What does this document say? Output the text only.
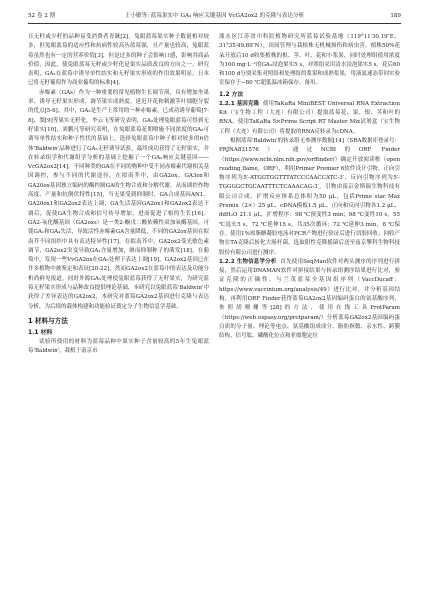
52 卷 2 期	王小敏等: 蓝莓果实中 GA₃ 响应关键基因 VcGA2ox2 的克隆与表达分析	189

且无籽或少籽的品种易受消费者青睐[2]。兔眼蓝莓果实种子数量相对较多，但兔眼蓝莓的适应性和抗病性较高丛蓝莓强，且产量也较高，兔眼蓝莓虽然也有一定的营养价值[3]，但是过多的种子会影响口感，影响其商品价值，因此，使兔眼蓝莓无籽或少籽化是果实品质改良的方向之一。研究表明，GA₃在蓝莓中诱导单性结实和无籽果实形成的作用效果明显，日本已将无籽葡萄作为商业葡萄的标准[4]。

赤霉素（GAs）作为一种重要的常见植物生长调节剂，具有增加坐果率、诱导无籽果实形成、调节果实成熟度、延迟开花和刺激茎叶细胞分裂的优点[5-6]。其中，GA₃是生产上常用的一种赤霉素，已成功诱导葡萄[7-8]、梨[9]等果实无籽化。李云飞等研究表明，GA₃处理兔眼蓝莓可得到无籽果实[10]，刘鹏凡等研究表明，在兔眼蓝莓花期喷施不同浓度的GA₃可诱导单性结实和种子性状的基础上，选择兔眼蓝莓中种子相对较多的6倍体'Baldwin'品种进行了GA₃无籽诱导试验，最终成功获得了无籽果实，并在转录组学和代谢组学分析的基础上挖掘了一个GA₃响应关键基因——VcGA2ox2[14]。不同种类的GA在不同的物种中受不同赤霉素代谢相关基因调控，参与不同的代谢途径。在拟南芥中，由GA2ox、GA3ox和GA20ox基因独立编码的酶控制GA的生物合成和分解代谢，从而调控作物高度、产量和抗倒伏特性[15]，当无果受到抑制时，GA合成基因AN1、GA20ox1和GA2ox2表达上调，GA失活基因GA2ox1和GA2ox2表达下调后，促使GA生物合成和信号传导增加，进而促进了根的生长[16]。GA2-氧化酶基因（GA2oxs）是一类2-酮戊二酸依赖性双加氧酶基因，可使GA₁和GA₄失活，导致活性赤霉素GA含量降低，不同的GA2ox基因在拟南芥不同组织中具有表达特异性[17]。在拟南芥中，GA2ox2受光敏色素调节，GA2ox2突变导致GA₃含量增加，继而抑制种子的萌发[18]。在葡萄中，发现一些VvGA2ox在GA₃处理下表达上调[19]。GA2ox2基因已在许多植物中被鉴定和表征[20-22]，然而GA2ox2在蓝莓中的表达及功能分析尚鲜见报道，同时外源GA₃处理使兔眼蓝莓获得了无籽果实，为研究蓝莓无籽果实形成与品种改良提供理论基础，本研究以兔眼蓝莓'Baldwin'中获得了差异表达的GA2ox2，本研究对蓝莓GA2ox2基因进行克隆与表达分析，为后续的载体构建和功能验证奠定分子生物信息学基础。

1 材料与方法
1.1 材料

试验所使用的材料为蓝莓品种中果实种子含量较高的5年生兔眼蓝莓'Baldwin'，栽植于南京市

溧水区江苏省中科院植物研究所蓝莓试验基地（119°11′30.19″E，31°35′49.89″N）。田间管理与栽植株无机械损伤和病虫害。植株50%花朵开放后10 d收集植株的根、茎、叶、花和小浆果，同时处理组使用浓度为100 mg·L⁻¹的GA₃浸泡果实5 s，对照组采用清水浸泡果实5 s，花后60和100 d分别采集对照组和处理组的浆果和成熟浆果，用液氮速冻带回实验室保存于−80 ℃超低温冰箱保存，备用。

1.2 方法

1.2.1 基因克隆 使用TaKaRa MiniBEST Universal RNA Extraction Kit（宝生物工程（大连）有限公司）提取蓝莓花、果、根、茎和叶的RNA，使用TaKaRa 5×Prime Script RT Master Mix试剂盒（宝生物工程（大连）有限公司）将提取的RNA反转录为cDNA。

根据蓝莓'Baldwin'的转录组无参测序数据[14]（SRA数据库登录号：PRJNA831576），通过NCBI的ORF Finder（https://www.ncbi.nlm.nih.gov/orffinder/）确定开放阅读框（open reading flame，ORF），利用Primer Premier 6软件设计引物，正向引物序列为5′-ATGGTGGTTTATCCCAACCATC-3′，反向引物序列为5′-TGGGGCTGCAATTTCTCAAACAG-3′，引物由南京金斯瑞生物科技有限公司合成。扩增反应体系总体积为50 μL，包括Prime star Max Premix（2×）25 μL、cDNA模板1.5 μL、正向和反向引物各1.2 μL、ddH₂O 21.1 μL。扩增程序：98 ℃预变性3 min；98 ℃变性10 s，55 ℃退火5 s，72 ℃延伸15 s，共35次循环；72 ℃延伸3 min，8 ℃保存。使用1%琼脂糖凝胶电泳对PCR产物进行验证后进行切胶回收；回收产物在TA克隆后转化大肠杆菌，选取阳性克隆摇菌后送至南京擎科生物科技股份有限公司进行测序。

1.2.2 生物信息学分析 首先使用SeqMan软件对两头测序的序列进行拼接，然后运用DNAMAN软件对拼接结果与转录组测序结果进行比对，验证克隆的正确性。与兰茂蓝莓全基因组序列（VaccDucaff：https://www.vaccinium.org/analysis/49）进行比对，并分析基因结构，再利用ORF Finder获得蓝莓GA2ox2基因编码蛋白的氨基酸序列，参照胡珊姗等[28]的方法，使用在线工具ProtParam（https://web.expasy.org/protparam/）分析蓝莓GA2ox2基因编码蛋白质的分子量、理论等电点、氨基酸组成成分、脂肪指数、亲水性、跨膜结构、信号肽、磷酸化位点和亚细胞定位
